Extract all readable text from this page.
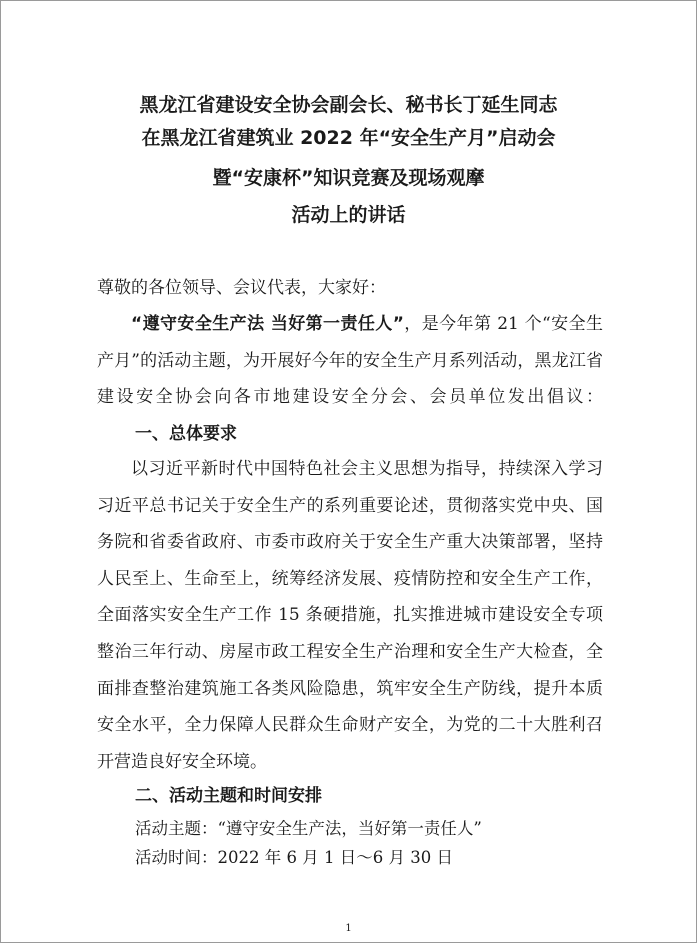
黑龙江省建设安全协会副会长、秘书长丁延生同志
在黑龙江省建筑业 2022 年“安全生产月”启动会
暨“安康杯”知识竞赛及现场观摩
活动上的讲话
尊敬的各位领导、会议代表，大家好：
“遵守安全生产法 当好第一责任人”，是今年第 21 个“安全生产月”的活动主题，为开展好今年的安全生产月系列活动，黑龙江省建设安全协会向各市地建设安全分会、会员单位发出倡议：
一、总体要求
以习近平新时代中国特色社会主义思想为指导，持续深入学习习近平总书记关于安全生产的系列重要论述，贯彻落实党中央、国务院和省委省政府、市委市政府关于安全生产重大决策部署，坚持人民至上、生命至上，统筹经济发展、疫情防控和安全生产工作，全面落实安全生产工作 15 条硬措施，扎实推进城市建设安全专项整治三年行动、房屋市政工程安全生产治理和安全生产大检查，全面排查整治建筑施工各类风险隐患，筑牢安全生产防线，提升本质安全水平，全力保障人民群众生命财产安全，为党的二十大胜利召开营造良好安全环境。
二、活动主题和时间安排
活动主题：“遵守安全生产法，当好第一责任人”
活动时间：2022 年 6 月 1 日～6 月 30 日
1
